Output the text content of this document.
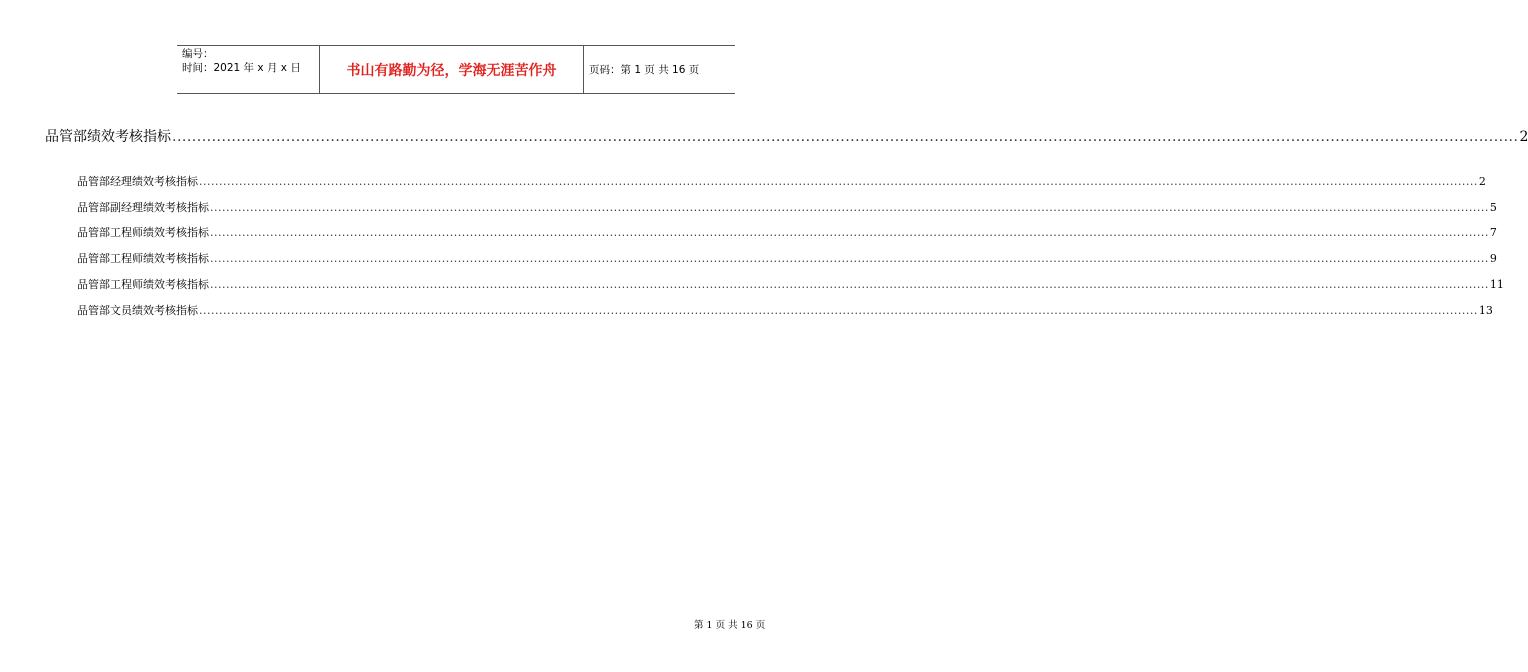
编号：
时间：2021 年 x 月 x 日	书山有路勤为径，学海无涯苦作舟	页码：第 1 页 共 16 页
品管部绩效考核指标 ................................................................................................................................................................................................................................................................................ 2
品管部经理绩效考核指标 ................................................................................................................................................................................................................................................................................................................................ 2
品管部副经理绩效考核指标 ................................................................................................................................................................................................................................................................................................................................ 5
品管部工程师绩效考核指标 ................................................................................................................................................................................................................................................................................................................................ 7
品管部工程师绩效考核指标 ................................................................................................................................................................................................................................................................................................................................ 9
品管部工程师绩效考核指标 ................................................................................................................................................................................................................................................................................................................................ 11
品管部文员绩效考核指标 ................................................................................................................................................................................................................................................................................................................................ 13
第 1 页 共 16 页
